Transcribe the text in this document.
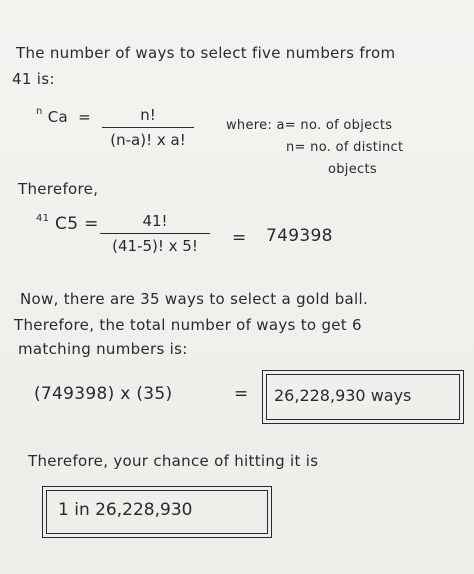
The number of ways to select five numbers from
41 is:
$^n$ Ca =	n!
(n-a)! x a!
where: a= no. of objects
n= no. of distinct
objects
Therefore,
$^{41}$ C5 =	41!
(41-5)! x 5!	= 749398
Now, there are 35 ways to select a gold ball.
Therefore, the total number of ways to get 6
matching numbers is:
(749398) x (35)	= 26,228,930 ways
Therefore, your chance of hitting it is
1 in 26,228,930
